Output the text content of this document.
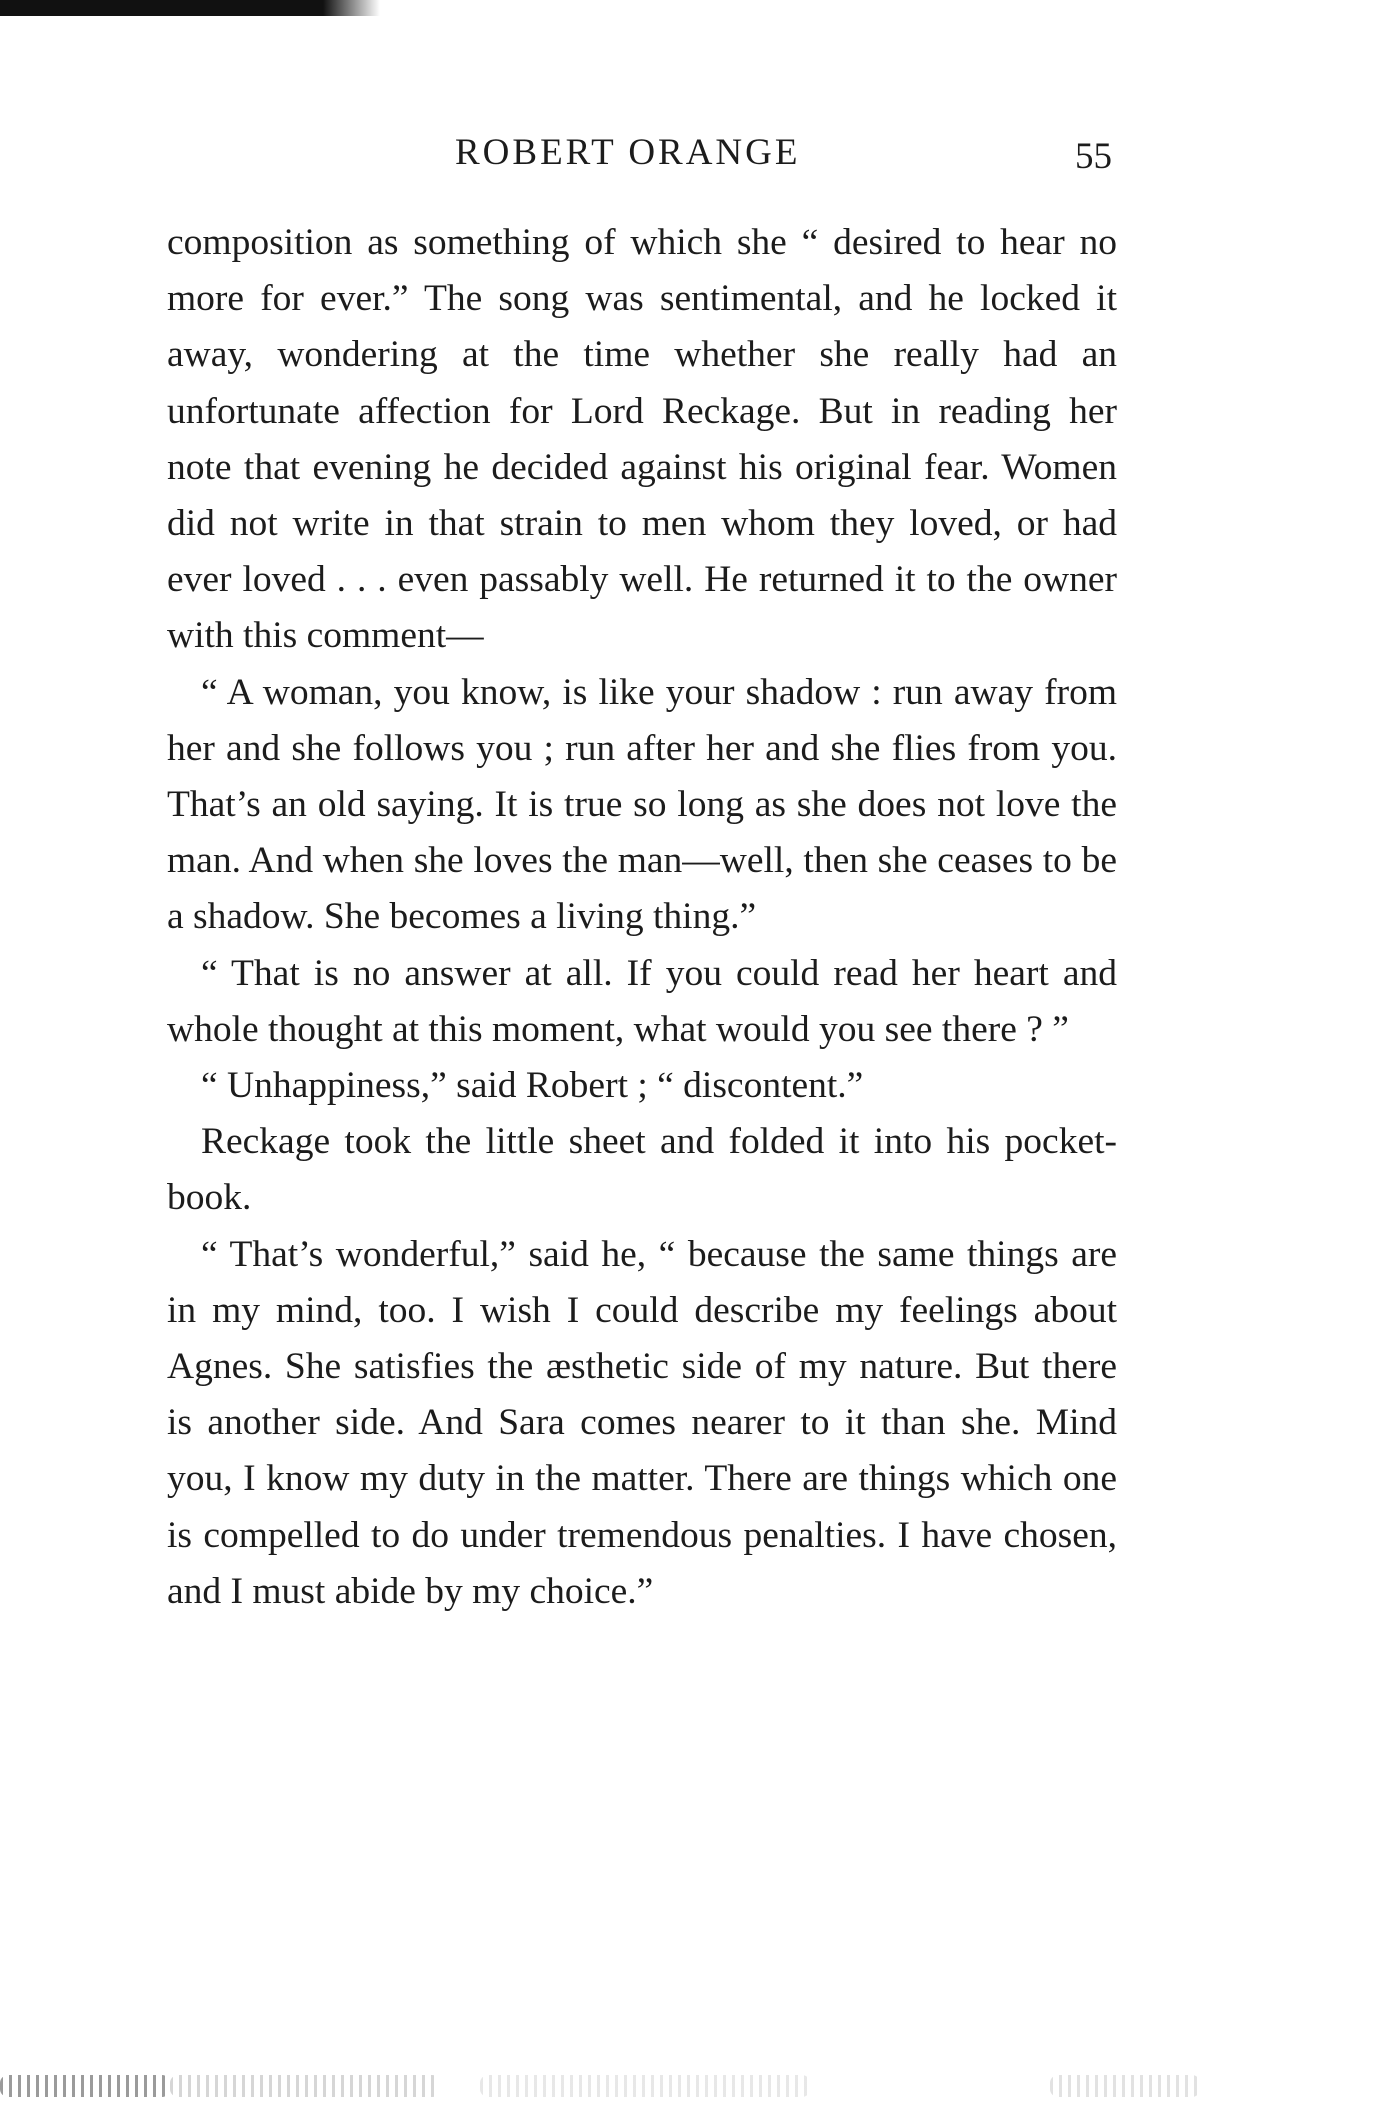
ROBERT ORANGE	55

composition as something of which she “ desired to hear no more for ever.” The song was sentimental, and he locked it away, wondering at the time whether she really had an unfortunate affection for Lord Reckage. But in reading her note that evening he decided against his original fear. Women did not write in that strain to men whom they loved, or had ever loved . . . even passably well. He returned it to the owner with this comment—

“ A woman, you know, is like your shadow : run away from her and she follows you ; run after her and she flies from you. That’s an old saying. It is true so long as she does not love the man. And when she loves the man—well, then she ceases to be a shadow. She becomes a living thing.”

“ That is no answer at all. If you could read her heart and whole thought at this moment, what would you see there ? ”

“ Unhappiness,” said Robert ; “ discontent.”

Reckage took the little sheet and folded it into his pocket-book.

“ That’s wonderful,” said he, “ because the same things are in my mind, too. I wish I could describe my feelings about Agnes. She satisfies the æsthetic side of my nature. But there is another side. And Sara comes nearer to it than she. Mind you, I know my duty in the matter. There are things which one is compelled to do under tremendous penalties. I have chosen, and I must abide by my choice.”
